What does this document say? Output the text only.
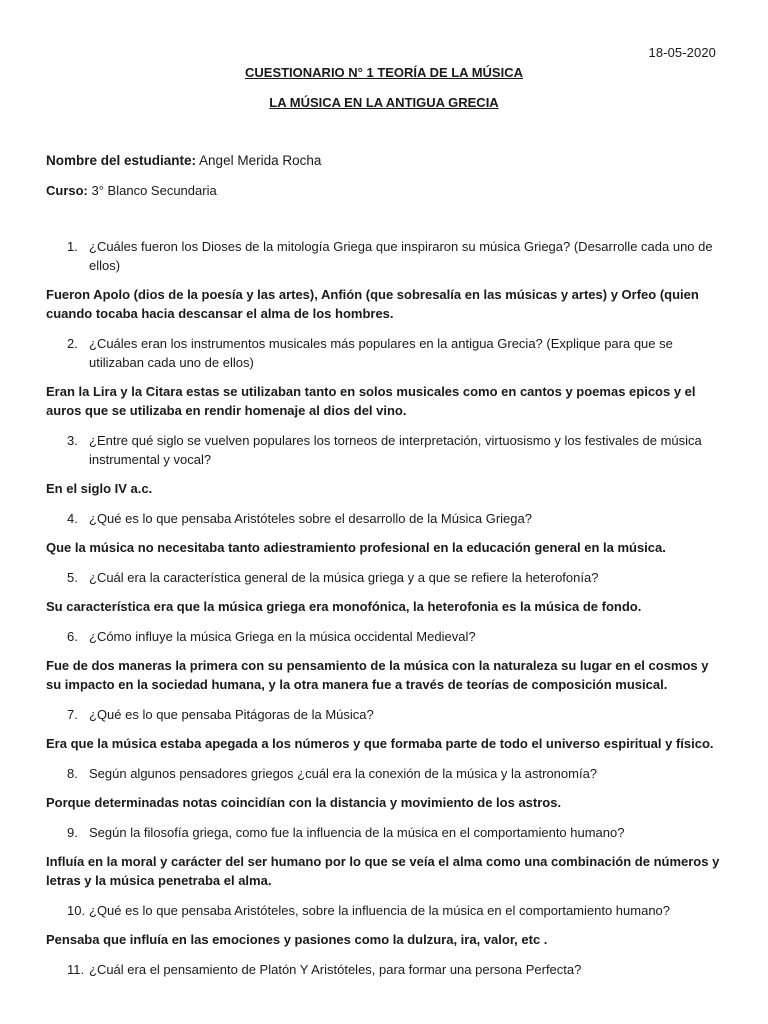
18-05-2020
CUESTIONARIO N° 1 TEORÍA DE LA MÚSICA
LA MÚSICA EN LA ANTIGUA GRECIA
Nombre del estudiante: Angel Merida Rocha
Curso: 3° Blanco Secundaria
1. ¿Cuáles fueron los Dioses de la mitología Griega que inspiraron su música Griega? (Desarrolle cada uno de ellos)

Fueron Apolo (dios de la poesía y las artes), Anfión (que sobresalía en las músicas y artes) y Orfeo (quien cuando tocaba hacia descansar el alma de los hombres.

2. ¿Cuáles eran los instrumentos musicales más populares en la antigua Grecia? (Explique para que se utilizaban cada uno de ellos)

Eran la Lira y la Citara estas se utilizaban tanto en solos musicales como en cantos y poemas epicos y el auros que se utilizaba en rendir homenaje al dios del vino.

3. ¿Entre qué siglo se vuelven populares los torneos de interpretación, virtuosismo y los festivales de música instrumental y vocal?

En el siglo IV a.c.

4. ¿Qué es lo que pensaba Aristóteles sobre el desarrollo de la Música Griega?

Que la música no necesitaba tanto adiestramiento profesional en la educación general en la música.

5. ¿Cuál era la característica general de la música griega y a que se refiere la heterofonía?

Su característica era que la música griega era monofónica, la heterofonia es la música de fondo.

6. ¿Cómo influye la música Griega en la música occidental Medieval?

Fue de dos maneras la primera con su pensamiento de la música con la naturaleza su lugar en el cosmos y su impacto en la sociedad humana, y la otra manera fue a través de teorías de composición musical.

7. ¿Qué es lo que pensaba Pitágoras de la Música?

Era que la música estaba apegada a los números y que formaba parte de todo el universo espiritual y físico.

8. Según algunos pensadores griegos ¿cuál era la conexión de la música y la astronomía?

Porque determinadas notas coincidían con la distancia y movimiento de los astros.

9. Según la filosofía griega, como fue la influencia de la música en el comportamiento humano?

Influía en la moral y carácter del ser humano por lo que se veía el alma como una combinación de números y letras y la música penetraba el alma.

10. ¿Qué es lo que pensaba Aristóteles, sobre la influencia de la música en el comportamiento humano?

Pensaba que influía en las emociones y pasiones como la dulzura, ira, valor, etc .

11. ¿Cuál era el pensamiento de Platón Y Aristóteles, para formar una persona Perfecta?
